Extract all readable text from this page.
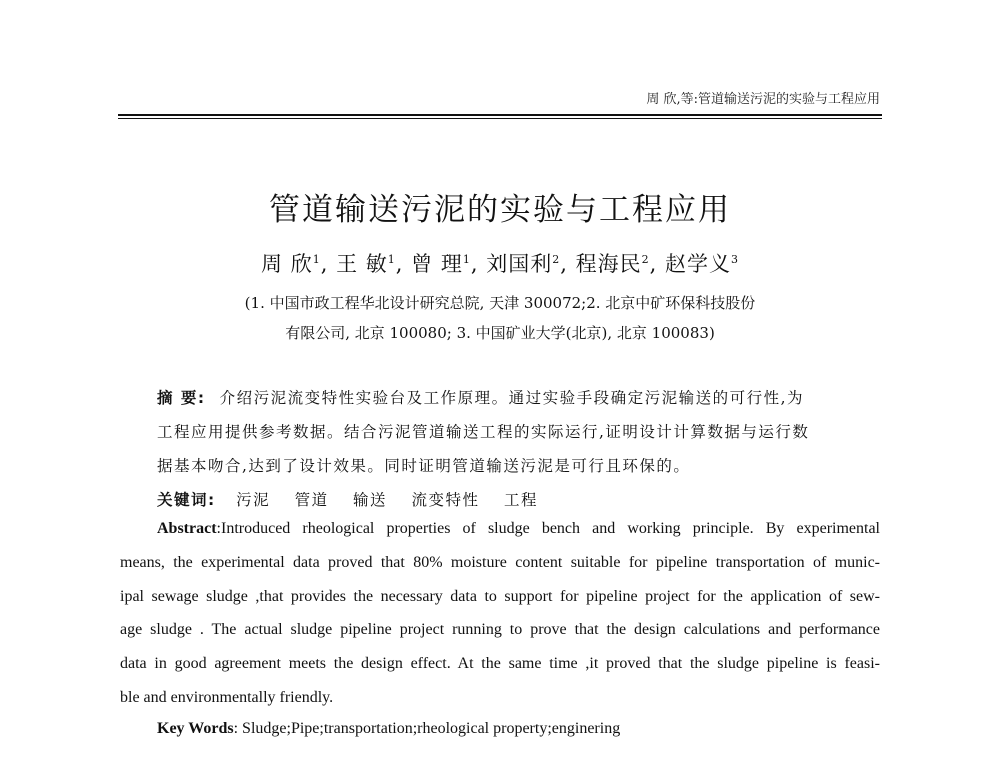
周 欣,等:管道输送污泥的实验与工程应用
管道输送污泥的实验与工程应用
周 欣$^1$, 王 敏$^1$, 曾 理$^1$, 刘国利$^2$, 程海民$^2$, 赵学义$^3$
(1. 中国市政工程华北设计研究总院, 天津 300072;2. 北京中矿环保科技股份
有限公司, 北京 100080; 3. 中国矿业大学(北京), 北京 100083)
摘 要: 介绍污泥流变特性实验台及工作原理。通过实验手段确定污泥输送的可行性,为
工程应用提供参考数据。结合污泥管道输送工程的实际运行,证明设计计算数据与运行数
据基本吻合,达到了设计效果。同时证明管道输送污泥是可行且环保的。
关键词: 污泥 管道 输送 流变特性 工程
Abstract:Introduced rheological properties of sludge bench and working principle. By experimental
means, the experimental data proved that 80% moisture content suitable for pipeline transportation of munic-
ipal sewage sludge ,that provides the necessary data to support for pipeline project for the application of sew-
age sludge . The actual sludge pipeline project running to prove that the design calculations and performance
data in good agreement meets the design effect. At the same time ,it proved that the sludge pipeline is feasi-
ble and environmentally friendly.
Key Words: Sludge;Pipe;transportation;rheological property;enginering
